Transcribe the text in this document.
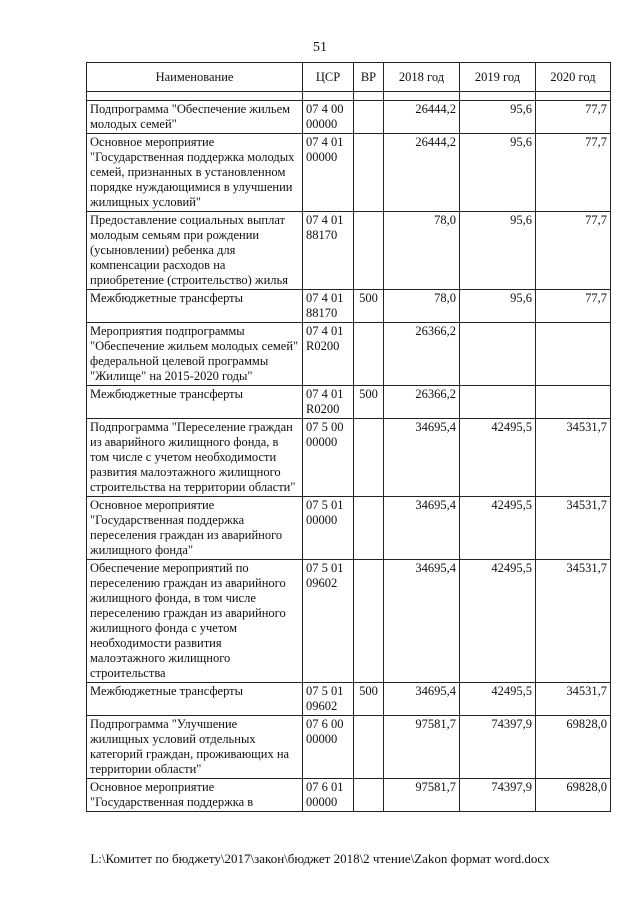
51
Наименование	ЦСР	ВР	2018 год	2019 год	2020 год

Подпрограмма "Обеспечение жильем молодых семей"	07 4 00 00000		26444,2	95,6	77,7
Основное мероприятие "Государственная поддержка молодых семей, признанных в установленном порядке нуждающимися в улучшении жилищных условий"	07 4 01 00000		26444,2	95,6	77,7
Предоставление социальных выплат молодым семьям при рождении (усыновлении) ребенка для компенсации расходов на приобретение (строительство) жилья	07 4 01 88170		78,0	95,6	77,7
Межбюджетные трансферты	07 4 01 88170	500	78,0	95,6	77,7
Мероприятия подпрограммы "Обеспечение жильем молодых семей" федеральной целевой программы "Жилище" на 2015-2020 годы"	07 4 01 R0200		26366,2		
Межбюджетные трансферты	07 4 01 R0200	500	26366,2		
Подпрограмма "Переселение граждан из аварийного жилищного фонда, в том числе с учетом необходимости развития малоэтажного жилищного строительства на территории области"	07 5 00 00000		34695,4	42495,5	34531,7
Основное мероприятие "Государственная поддержка переселения граждан из аварийного жилищного фонда"	07 5 01 00000		34695,4	42495,5	34531,7
Обеспечение мероприятий по переселению граждан из аварийного жилищного фонда, в том числе переселению граждан из аварийного жилищного фонда с учетом необходимости развития малоэтажного жилищного строительства	07 5 01 09602		34695,4	42495,5	34531,7
Межбюджетные трансферты	07 5 01 09602	500	34695,4	42495,5	34531,7
Подпрограмма "Улучшение жилищных условий отдельных категорий граждан, проживающих на территории области"	07 6 00 00000		97581,7	74397,9	69828,0
Основное мероприятие "Государственная поддержка в	07 6 01 00000		97581,7	74397,9	69828,0
L:\Комитет по бюджету\2017\закон\бюджет 2018\2 чтение\Zakon формат word.docx
